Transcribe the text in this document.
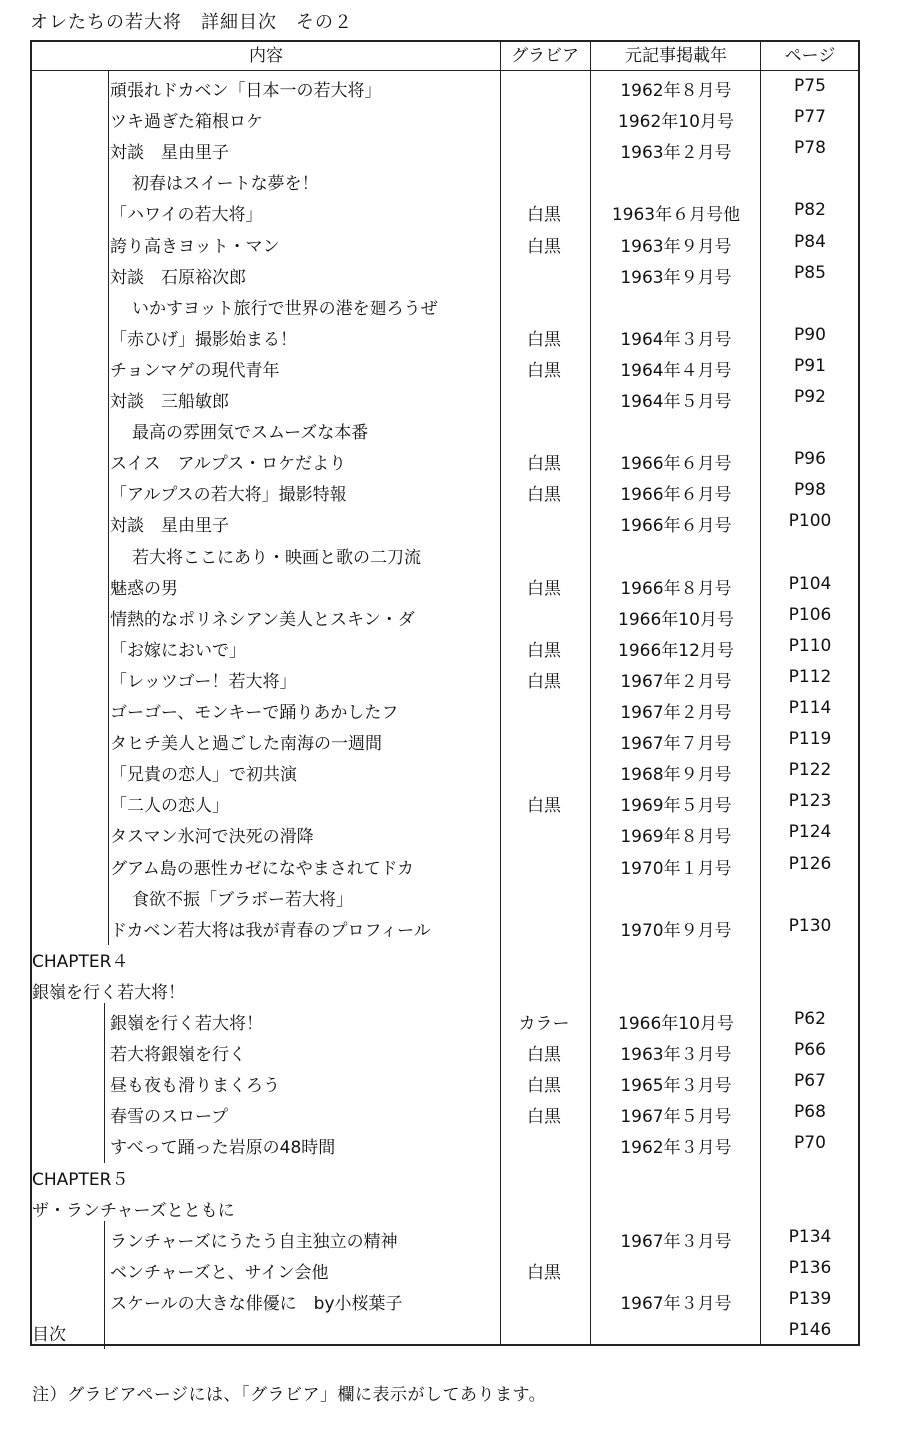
オレたちの若大将　詳細目次　その２
内容	グラビア	元記事掲載年	ページ
頑張れドカベン「日本一の若大将」	1962年８月号	P75
ツキ過ぎた箱根ロケ	1962年10月号	P77
対談　星由里子	1963年２月号	P78
初春はスイートな夢を！
「ハワイの若大将」	白黒	1963年６月号他	P82
誇り高きヨット・マン	白黒	1963年９月号	P84
対談　石原裕次郎	1963年９月号	P85
いかすヨット旅行で世界の港を廻ろうぜ
「赤ひげ」撮影始まる！	白黒	1964年３月号	P90
チョンマゲの現代青年	白黒	1964年４月号	P91
対談　三船敏郎	1964年５月号	P92
最高の雰囲気でスムーズな本番
スイス　アルプス・ロケだより	白黒	1966年６月号	P96
「アルプスの若大将」撮影特報	白黒	1966年６月号	P98
対談　星由里子	1966年６月号	P100
若大将ここにあり・映画と歌の二刀流
魅惑の男	白黒	1966年８月号	P104
情熱的なポリネシアン美人とスキン・ダ	1966年10月号	P106
「お嫁においで」	白黒	1966年12月号	P110
「レッツゴー！若大将」	白黒	1967年２月号	P112
ゴーゴー、モンキーで踊りあかしたフ	1967年２月号	P114
タヒチ美人と過ごした南海の一週間	1967年７月号	P119
「兄貴の恋人」で初共演	1968年９月号	P122
「二人の恋人」	白黒	1969年５月号	P123
タスマン氷河で決死の滑降	1969年８月号	P124
グアム島の悪性カゼになやまされてドカ	1970年１月号	P126
食欲不振「ブラボー若大将」
ドカベン若大将は我が青春のプロフィール	1970年９月号	P130
CHAPTER４
銀嶺を行く若大将！
銀嶺を行く若大将！	カラー	1966年10月号	P62
若大将銀嶺を行く	白黒	1963年３月号	P66
昼も夜も滑りまくろう	白黒	1965年３月号	P67
春雪のスロープ	白黒	1967年５月号	P68
すべって踊った岩原の48時間	1962年３月号	P70
CHAPTER５
ザ・ランチャーズとともに
ランチャーズにうたう自主独立の精神	1967年３月号	P134
ベンチャーズと、サイン会他	白黒	P136
スケールの大きな俳優に　by小桜葉子	1967年３月号	P139
目次	P146
注）グラビアページには、「グラビア」欄に表示がしてあります。
